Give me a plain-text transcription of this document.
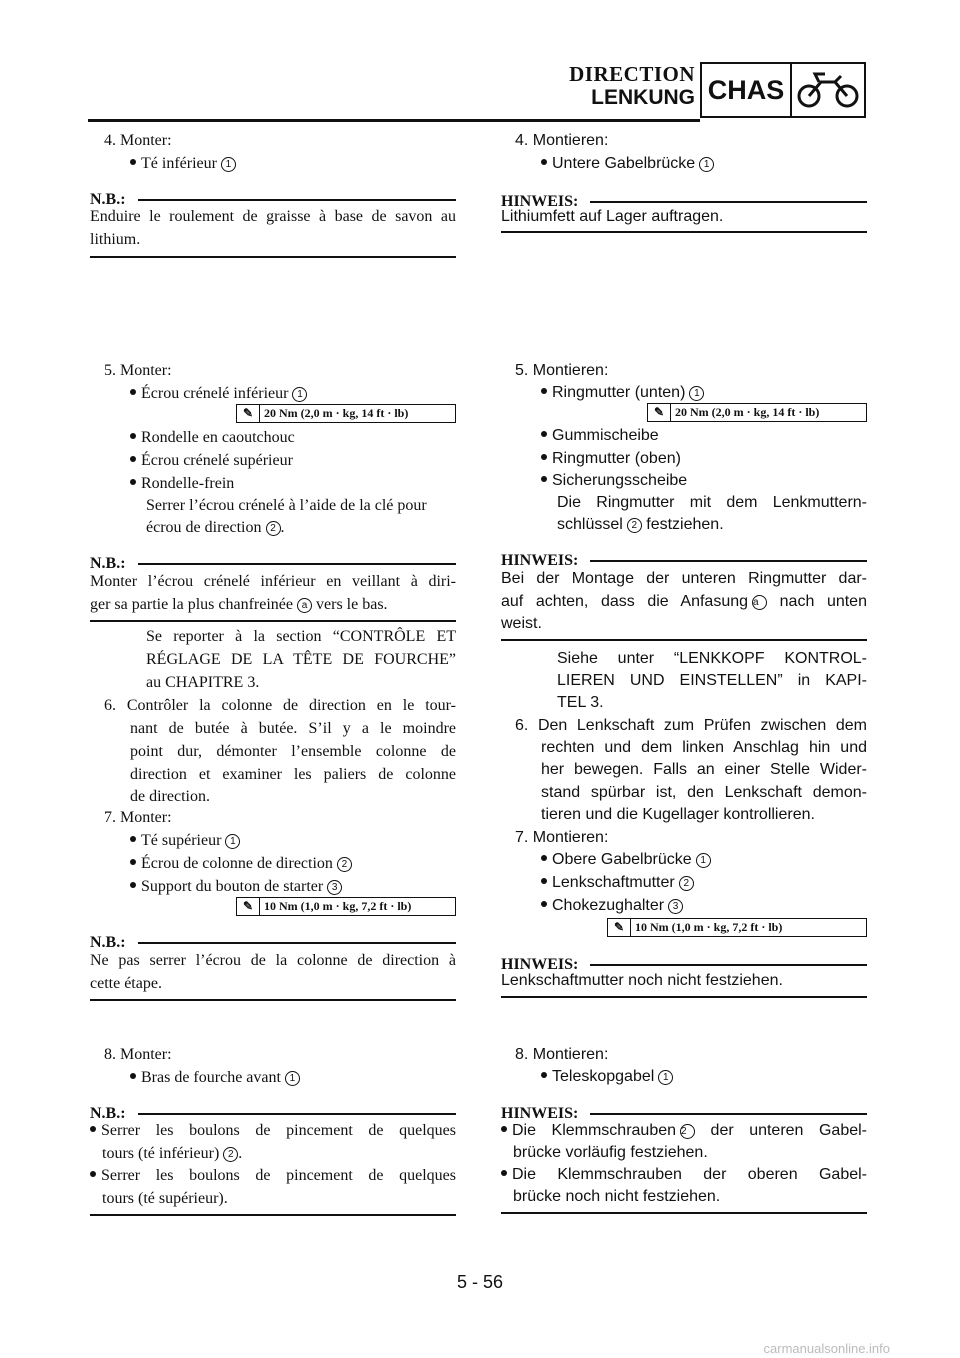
DIRECTION
LENKUNG CHAS
4. Monter:
Té inférieur 1
N.B.:
Enduire le roulement de graisse à base de savon au
lithium.
5. Monter:
Écrou crénelé inférieur 1
✎ 20 Nm (2,0 m · kg, 14 ft · lb)
Rondelle en caoutchouc
Écrou crénelé supérieur
Rondelle-frein
Serrer l’écrou crénelé à l’aide de la clé pour
écrou de direction 2 .
N.B.:
Monter l’écrou crénelé inférieur en veillant à diri-
ger sa partie la plus chanfreinée a vers le bas.
Se reporter à la section “CONTRÔLE ET
RÉGLAGE DE LA TÊTE DE FOURCHE”
au CHAPITRE 3.
6. Contrôler la colonne de direction en le tour-
nant de butée à butée. S’il y a le moindre
point dur, démonter l’ensemble colonne de
direction et examiner les paliers de colonne
de direction.
7. Monter:
Té supérieur 1
Écrou de colonne de direction 2
Support du bouton de starter 3
✎ 10 Nm (1,0 m · kg, 7,2 ft · lb)
N.B.:
Ne pas serrer l’écrou de la colonne de direction à
cette étape.
8. Monter:
Bras de fourche avant 1
N.B.:
Serrer les boulons de pincement de quelques
tours (té inférieur) 2 .
Serrer les boulons de pincement de quelques
tours (té supérieur).
4. Montieren:
Untere Gabelbrücke 1
HINWEIS:
Lithiumfett auf Lager auftragen.
5. Montieren:
Ringmutter (unten) 1
✎ 20 Nm (2,0 m · kg, 14 ft · lb)
Gummischeibe
Ringmutter (oben)
Sicherungsscheibe
Die Ringmutter mit dem Lenkmuttern-
schlüssel 2 festziehen.
HINWEIS:
Bei der Montage der unteren Ringmutter dar-
auf achten, dass die Anfasung a nach unten
weist.
Siehe unter “LENKKOPF KONTROL-
LIEREN UND EINSTELLEN” in KAPI-
TEL 3.
6. Den Lenkschaft zum Prüfen zwischen dem
rechten und dem linken Anschlag hin und
her bewegen. Falls an einer Stelle Wider-
stand spürbar ist, den Lenkschaft demon-
tieren und die Kugellager kontrollieren.
7. Montieren:
Obere Gabelbrücke 1
Lenkschaftmutter 2
Chokezughalter 3
✎ 10 Nm (1,0 m · kg, 7,2 ft · lb)
HINWEIS:
Lenkschaftmutter noch nicht festziehen.
8. Montieren:
Teleskopgabel 1
HINWEIS:
Die Klemmschrauben 2 der unteren Gabel-
brücke vorläufig festziehen.
Die Klemmschrauben der oberen Gabel-
brücke noch nicht festziehen.
5 - 56
carmanualsonline.info
